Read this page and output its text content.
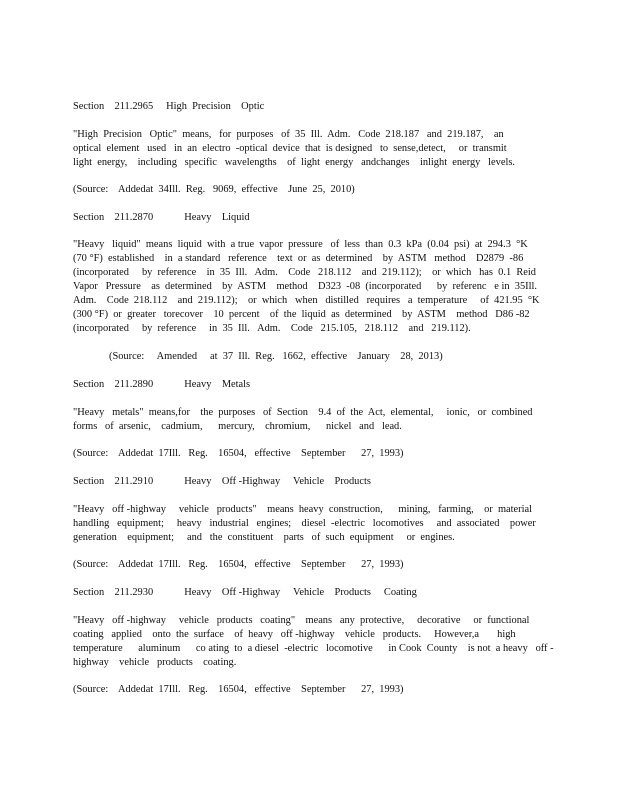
Section    211.2965     High  Precision    Optic
"High  Precision   Optic"  means,   for  purposes   of  35  Ill.  Adm.   Code  218.187   and  219.187,    an
optical  element   used   in  an  electro  -optical  device  that  is designed   to  sense,detect,     or  transmit
light  energy,    including   specific   wavelengths    of  light  energy   andchanges    inlight  energy   levels.
(Source:    Addedat  34Ill.  Reg.   9069,  effective    June  25,  2010)
Section    211.2870            Heavy    Liquid
"Heavy   liquid"  means  liquid  with  a true  vapor  pressure   of  less  than  0.3  kPa  (0.04  psi)  at  294.3  °K
(70 °F)  established    in  a standard   reference    text  or  as  determined    by  ASTM   method    D2879  -86
(incorporated     by  reference    in  35  Ill.   Adm.    Code   218.112    and  219.112);    or  which   has  0.1  Reid
Vapor   Pressure    as  determined    by  ASTM    method    D323  -08  (incorporated      by  referenc   e in  35Ill.
Adm.    Code  218.112    and  219.112);    or  which   when   distilled   requires   a  temperature     of  421.95  °K
(300 °F)  or  greater   torecover    10  percent    of  the  liquid  as  determined    by  ASTM    method   D86 -82
(incorporated     by  reference     in  35  Ill.   Adm.    Code   215.105,   218.112    and   219.112).
(Source:     Amended     at  37  Ill.  Reg.   1662,  effective    January    28,  2013)
Section    211.2890            Heavy    Metals
"Heavy   metals"  means,for    the  purposes   of  Section    9.4  of  the  Act,  elemental,     ionic,   or  combined
forms   of  arsenic,    cadmium,      mercury,    chromium,      nickel   and   lead.
(Source:    Addedat  17Ill.   Reg.    16504,   effective    September      27,  1993)
Section    211.2910            Heavy    Off -Highway     Vehicle    Products
"Heavy   off -highway     vehicle   products"    means  heavy  construction,      mining,   farming,    or  material
handling   equipment;     heavy   industrial   engines;    diesel  -electric   locomotives     and  associated    power
generation    equipment;     and   the  constituent    parts   of  such  equipment     or  engines.
(Source:    Addedat  17Ill.   Reg.    16504,   effective    September      27,  1993)
Section    211.2930            Heavy    Off -Highway     Vehicle    Products     Coating
"Heavy   off -highway     vehicle   products   coating"    means   any  protective,     decorative     or  functional
coating   applied    onto  the  surface    of  heavy   off -highway    vehicle   products.     However,a       high
temperature      aluminum      co ating  to  a diesel  -electric   locomotive      in Cook  County    is not  a heavy   off -
highway    vehicle   products    coating.
(Source:    Addedat  17Ill.   Reg.    16504,   effective    September      27,  1993)
